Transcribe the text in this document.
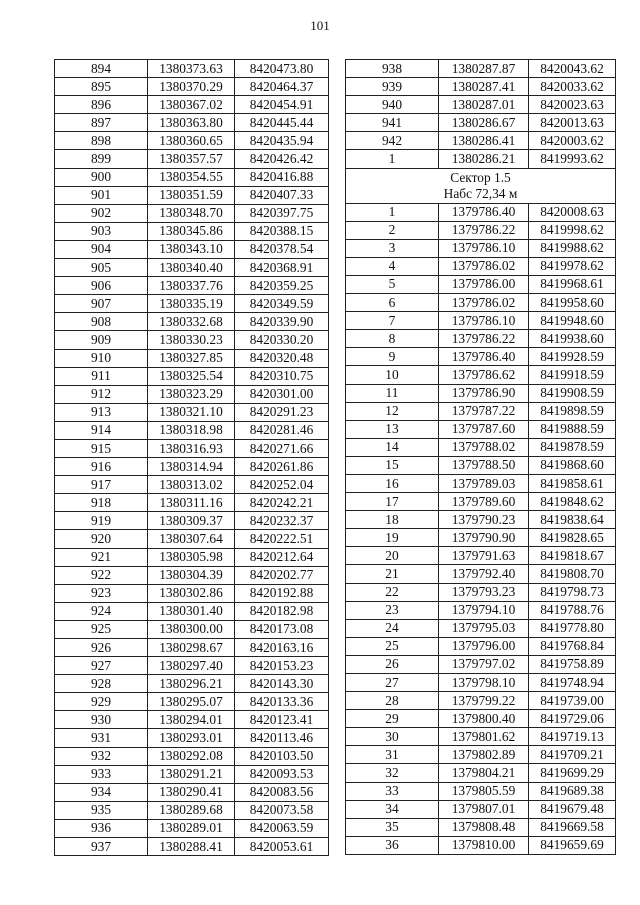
101
894	1380373.63	8420473.80
895	1380370.29	8420464.37
896	1380367.02	8420454.91
897	1380363.80	8420445.44
898	1380360.65	8420435.94
899	1380357.57	8420426.42
900	1380354.55	8420416.88
901	1380351.59	8420407.33
902	1380348.70	8420397.75
903	1380345.86	8420388.15
904	1380343.10	8420378.54
905	1380340.40	8420368.91
906	1380337.76	8420359.25
907	1380335.19	8420349.59
908	1380332.68	8420339.90
909	1380330.23	8420330.20
910	1380327.85	8420320.48
911	1380325.54	8420310.75
912	1380323.29	8420301.00
913	1380321.10	8420291.23
914	1380318.98	8420281.46
915	1380316.93	8420271.66
916	1380314.94	8420261.86
917	1380313.02	8420252.04
918	1380311.16	8420242.21
919	1380309.37	8420232.37
920	1380307.64	8420222.51
921	1380305.98	8420212.64
922	1380304.39	8420202.77
923	1380302.86	8420192.88
924	1380301.40	8420182.98
925	1380300.00	8420173.08
926	1380298.67	8420163.16
927	1380297.40	8420153.23
928	1380296.21	8420143.30
929	1380295.07	8420133.36
930	1380294.01	8420123.41
931	1380293.01	8420113.46
932	1380292.08	8420103.50
933	1380291.21	8420093.53
934	1380290.41	8420083.56
935	1380289.68	8420073.58
936	1380289.01	8420063.59
937	1380288.41	8420053.61
938	1380287.87	8420043.62
939	1380287.41	8420033.62
940	1380287.01	8420023.63
941	1380286.67	8420013.63
942	1380286.41	8420003.62
1	1380286.21	8419993.62

Сектор 1.5
Набс 72,34 м		

1	1379786.40	8420008.63
2	1379786.22	8419998.62
3	1379786.10	8419988.62
4	1379786.02	8419978.62
5	1379786.00	8419968.61
6	1379786.02	8419958.60
7	1379786.10	8419948.60
8	1379786.22	8419938.60
9	1379786.40	8419928.59
10	1379786.62	8419918.59
11	1379786.90	8419908.59
12	1379787.22	8419898.59
13	1379787.60	8419888.59
14	1379788.02	8419878.59
15	1379788.50	8419868.60
16	1379789.03	8419858.61
17	1379789.60	8419848.62
18	1379790.23	8419838.64
19	1379790.90	8419828.65
20	1379791.63	8419818.67
21	1379792.40	8419808.70
22	1379793.23	8419798.73
23	1379794.10	8419788.76
24	1379795.03	8419778.80
25	1379796.00	8419768.84
26	1379797.02	8419758.89
27	1379798.10	8419748.94
28	1379799.22	8419739.00
29	1379800.40	8419729.06
30	1379801.62	8419719.13
31	1379802.89	8419709.21
32	1379804.21	8419699.29
33	1379805.59	8419689.38
34	1379807.01	8419679.48
35	1379808.48	8419669.58
36	1379810.00	8419659.69
